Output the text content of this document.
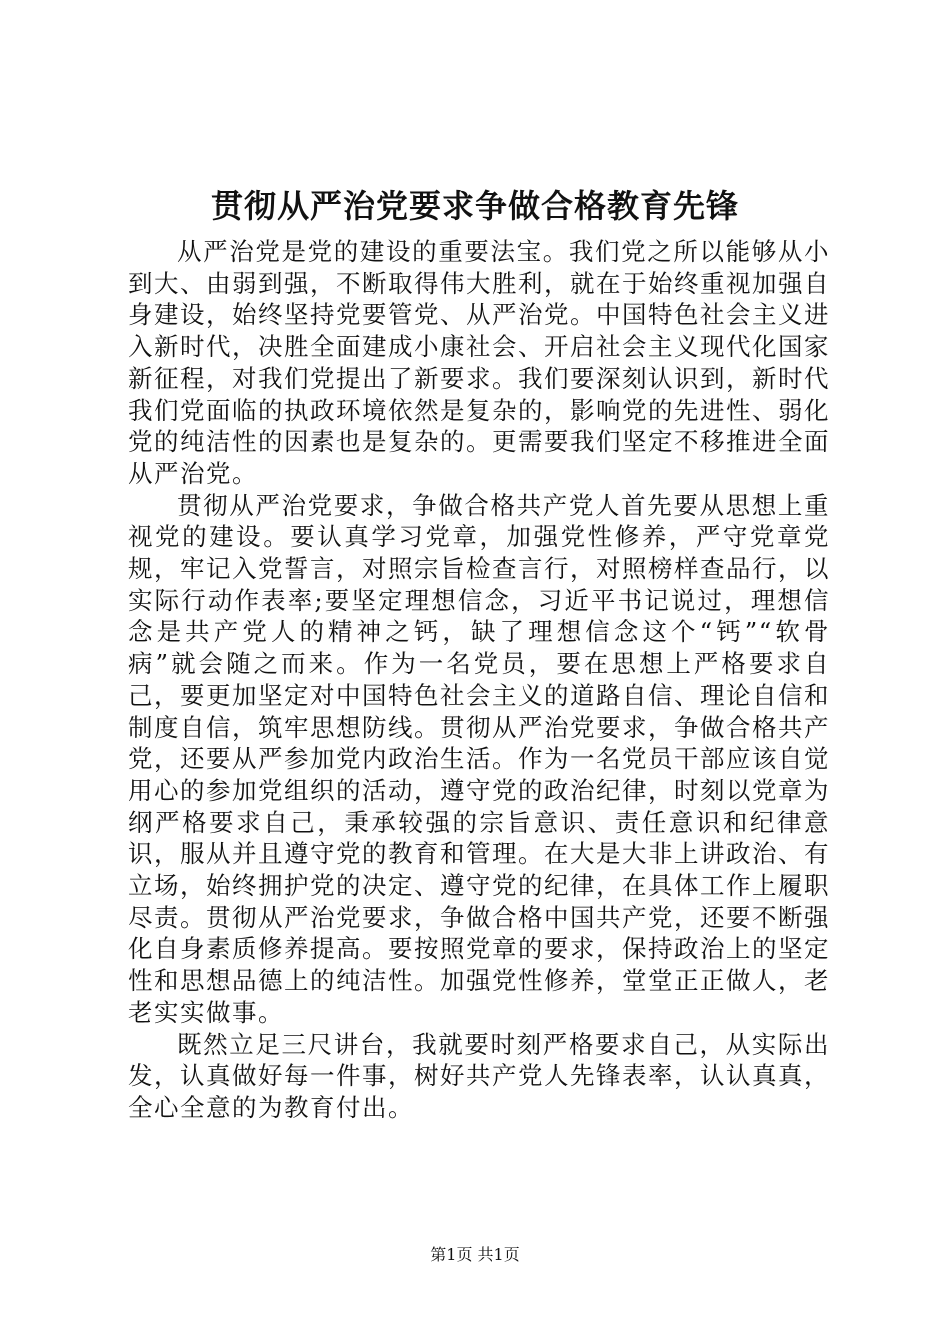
贯彻从严治党要求争做合格教育先锋

从严治党是党的建设的重要法宝。我们党之所以能够从小到大、由弱到强，不断取得伟大胜利，就在于始终重视加强自身建设，始终坚持党要管党、从严治党。中国特色社会主义进入新时代，决胜全面建成小康社会、开启社会主义现代化国家新征程，对我们党提出了新要求。我们要深刻认识到，新时代我们党面临的执政环境依然是复杂的，影响党的先进性、弱化党的纯洁性的因素也是复杂的。更需要我们坚定不移推进全面从严治党。

贯彻从严治党要求，争做合格共产党人首先要从思想上重视党的建设。要认真学习党章，加强党性修养，严守党章党规，牢记入党誓言，对照宗旨检查言行，对照榜样查品行，以实际行动作表率;要坚定理想信念，习近平书记说过，理想信念是共产党人的精神之钙，缺了理想信念这个“钙”“软骨病”就会随之而来。作为一名党员，要在思想上严格要求自己，要更加坚定对中国特色社会主义的道路自信、理论自信和制度自信，筑牢思想防线。贯彻从严治党要求，争做合格共产党，还要从严参加党内政治生活。作为一名党员干部应该自觉用心的参加党组织的活动，遵守党的政治纪律，时刻以党章为纲严格要求自己，秉承较强的宗旨意识、责任意识和纪律意识，服从并且遵守党的教育和管理。在大是大非上讲政治、有立场，始终拥护党的决定、遵守党的纪律，在具体工作上履职尽责。贯彻从严治党要求，争做合格中国共产党，还要不断强化自身素质修养提高。要按照党章的要求，保持政治上的坚定性和思想品德上的纯洁性。加强党性修养，堂堂正正做人，老老实实做事。

既然立足三尺讲台，我就要时刻严格要求自己，从实际出发，认真做好每一件事，树好共产党人先锋表率，认认真真，全心全意的为教育付出。

第1页 共1页
